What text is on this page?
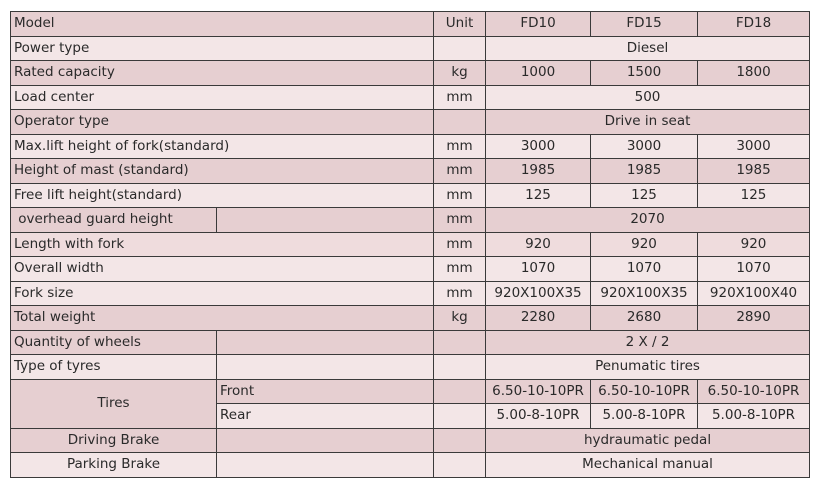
Model		Unit	FD10	FD15	FD18
Power type			Diesel		
Rated capacity		kg	1000	1500	1800
Load center		mm	500		
Operator type			Drive in seat		
Max.lift height of fork(standard)		mm	3000	3000	3000
Height of mast (standard)		mm	1985	1985	1985
Free lift height(standard)		mm	125	125	125
overhead guard height		mm	2070		
Length with fork		mm	920	920	920
Overall width		mm	1070	1070	1070
Fork size		mm	920X100X35	920X100X35	920X100X40
Total weight		kg	2280	2680	2890
Quantity of wheels			2 X / 2		
Type of tyres			Penumatic tires		
Tires	Front		6.50-10-10PR	6.50-10-10PR	6.50-10-10PR
	Rear		5.00-8-10PR	5.00-8-10PR	5.00-8-10PR
Driving Brake			hydraumatic pedal		
Parking Brake			Mechanical manual		
